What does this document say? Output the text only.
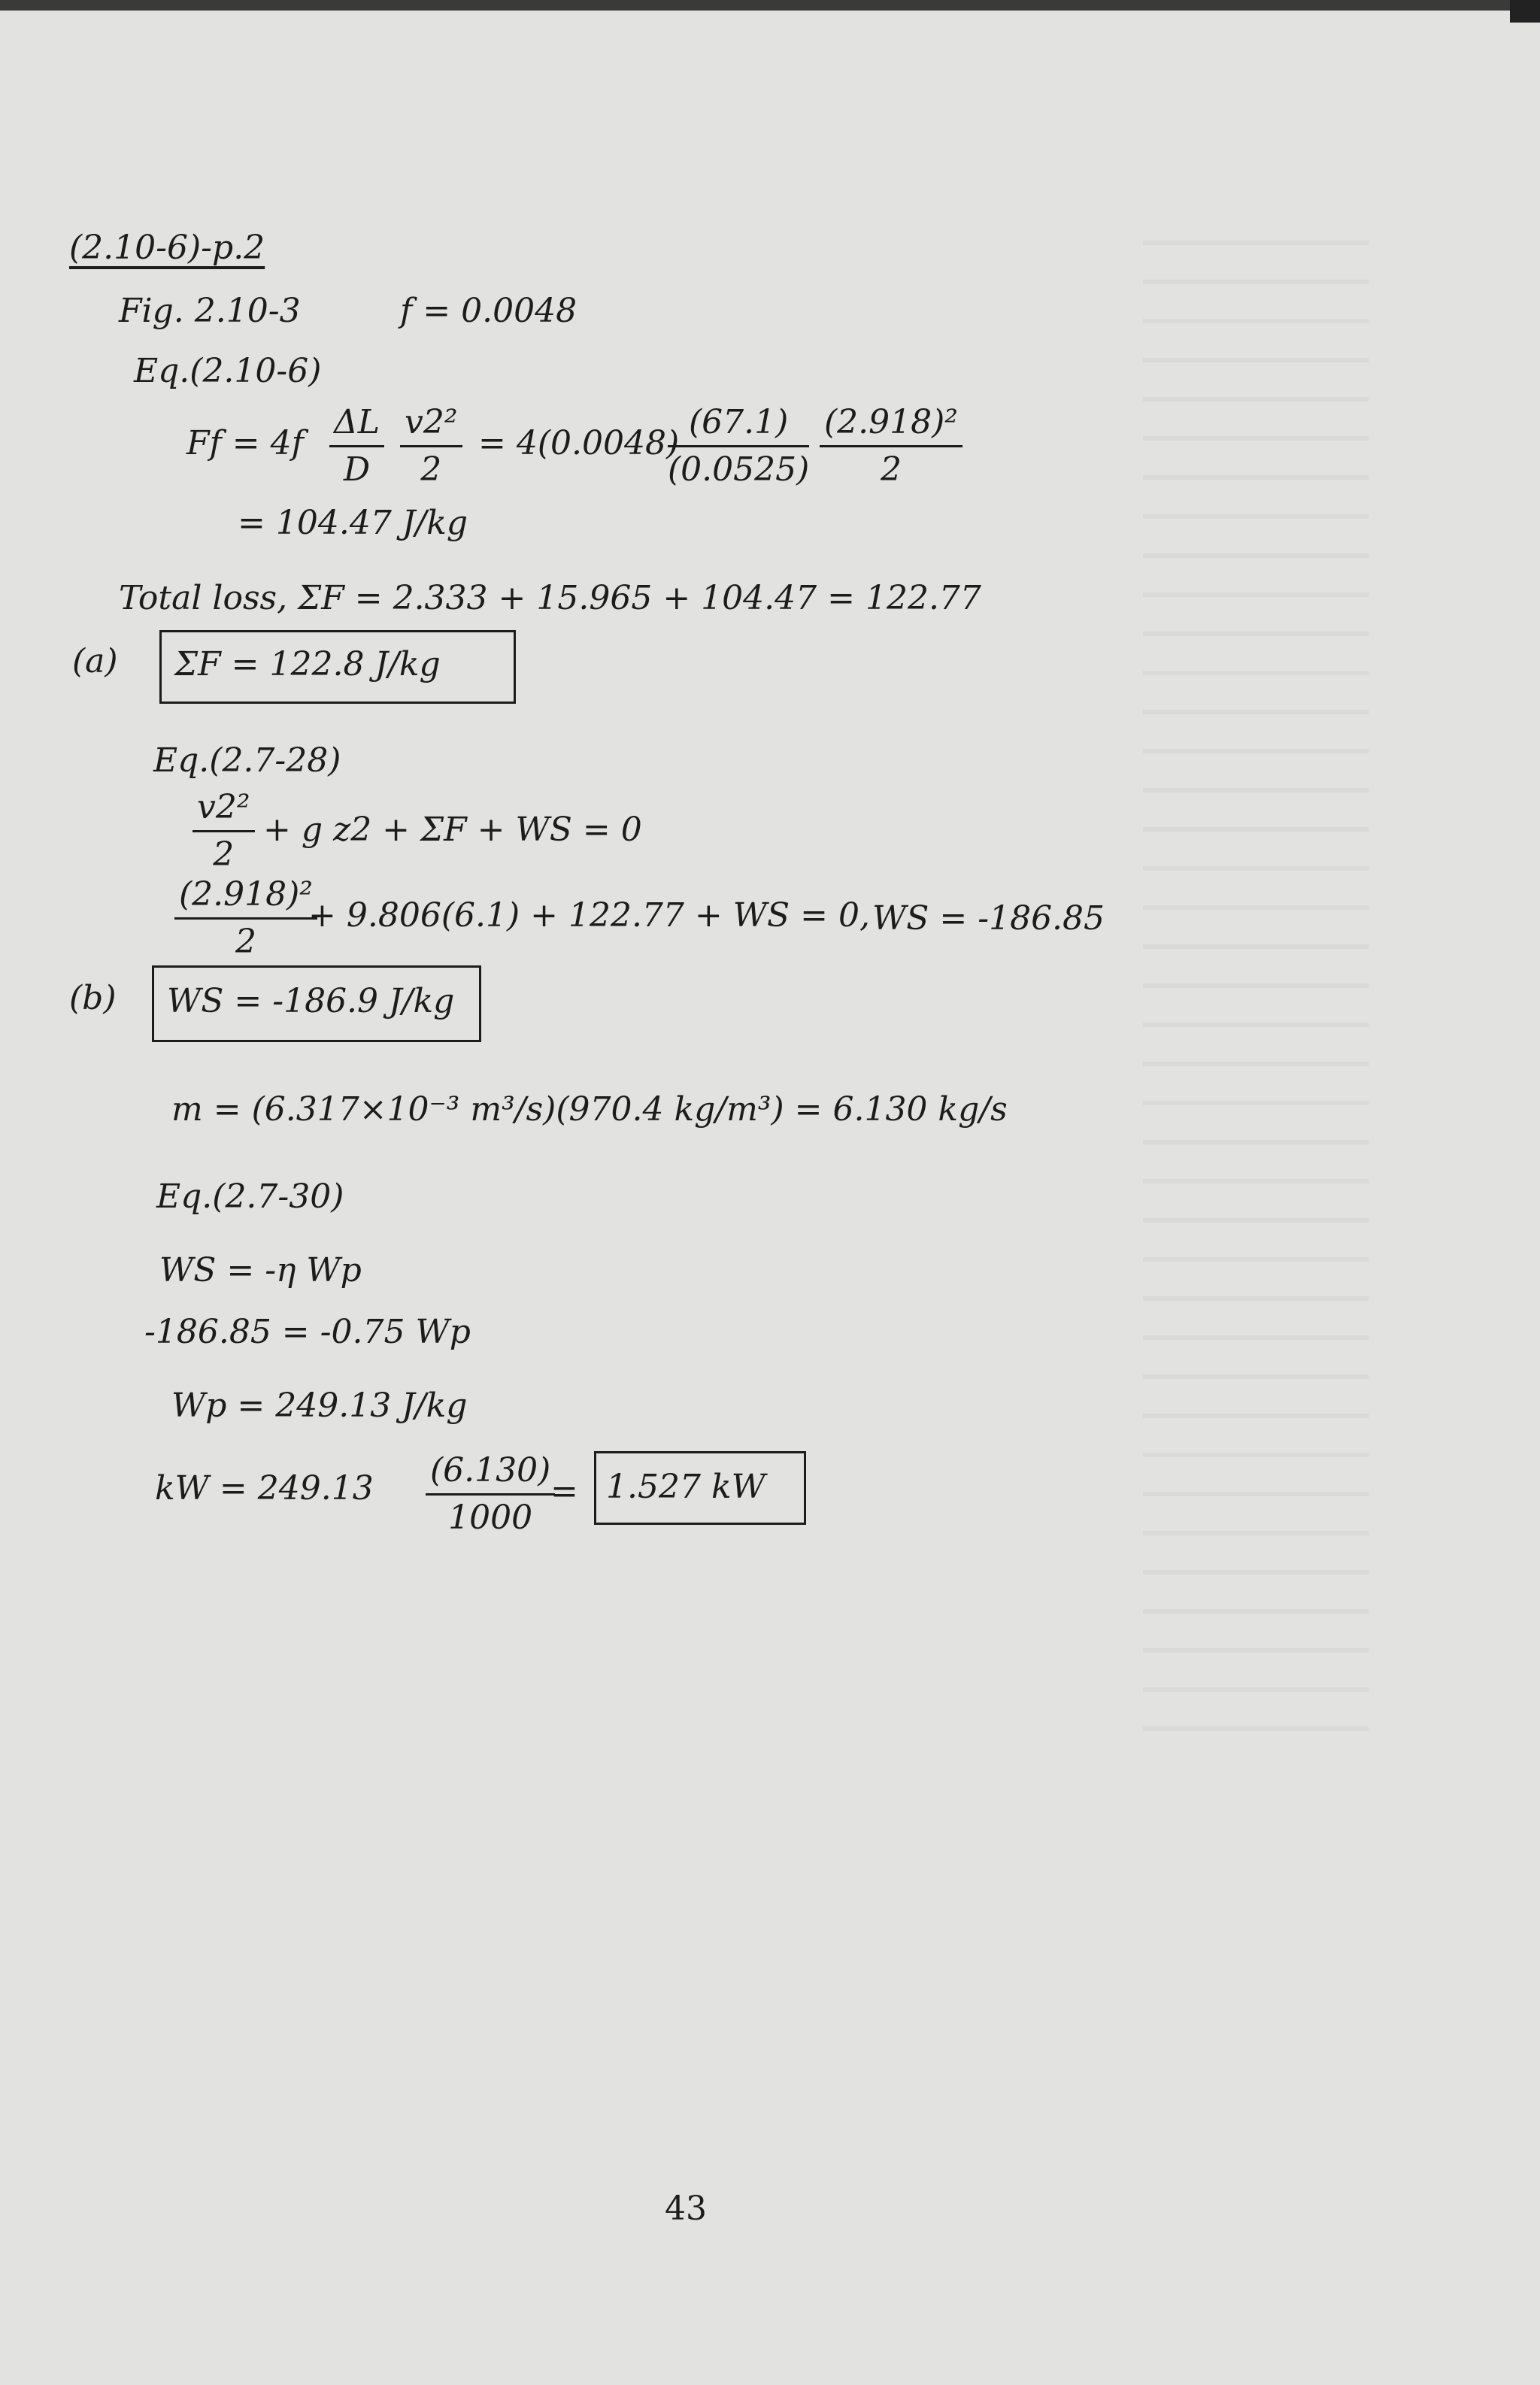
(2.10-6)-p.2
Fig. 2.10-3	f = 0.0048
Eq.(2.10-6)
$Ff = 4f \frac{\Delta L}{D} \frac{\text{v2²}}{2} = 4(0.0048)$
$\frac{(67.1)}{(0.0525)} \frac{\text{(2.918)²}}{2}$
= 104.47 J/kg
Total loss, ΣF = 2.333 + 15.965 + 104.47 = 122.77
(a) ΣF = 122.8 J/kg
Eq.(2.7-28)
$\frac{\text{v2²}}{2} + g$ z2 + ΣF + WS = 0
$\frac{\text{(2.918)²}}{2}$
+ 9.806(6.1) + 122.77 + WS = 0, WS = -186.85
(b) WS = -186.9 J/kg
m = (6.317×10⁻³ m³/s)(970.4 kg/m³) = 6.130 kg/s
Eq.(2.7-30)
WS = -η Wp
-186.85 = -0.75 Wp
Wp = 249.13 J/kg
kW = $249.13 \frac{(6.130)}{1000}$
= 1.527 kW
43
